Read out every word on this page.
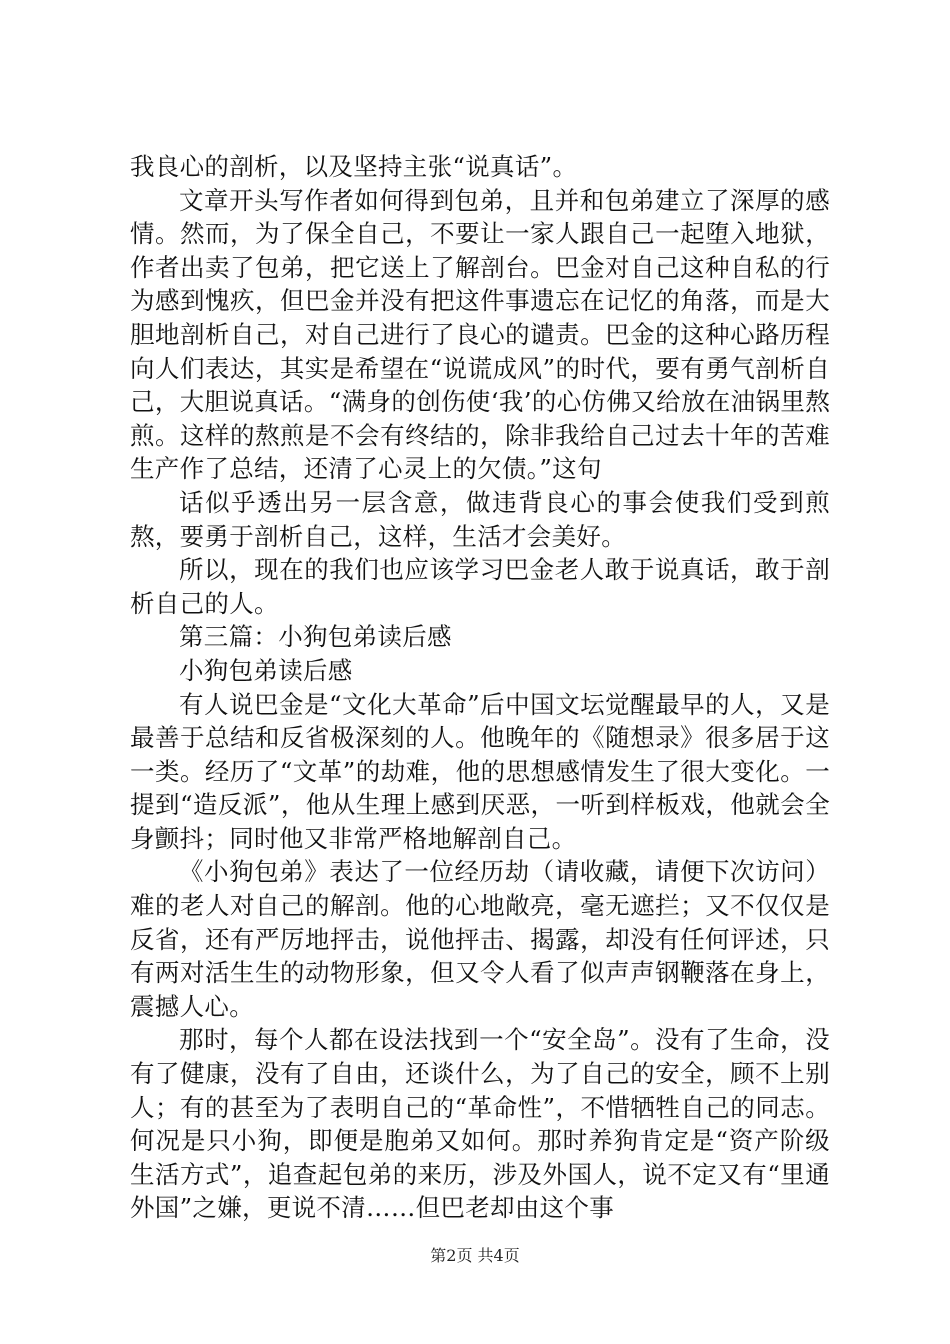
我良心的剖析，以及坚持主张“说真话”。

文章开头写作者如何得到包弟，且并和包弟建立了深厚的感情。然而，为了保全自己，不要让一家人跟自己一起堕入地狱，作者出卖了包弟，把它送上了解剖台。巴金对自己这种自私的行为感到愧疚，但巴金并没有把这件事遗忘在记忆的角落，而是大胆地剖析自己，对自己进行了良心的谴责。巴金的这种心路历程向人们表达，其实是希望在“说谎成风”的时代，要有勇气剖析自己，大胆说真话。“满身的创伤使‘我’的心仿佛又给放在油锅里熬煎。这样的熬煎是不会有终结的，除非我给自己过去十年的苦难生产作了总结，还清了心灵上的欠债。”这句

话似乎透出另一层含意，做违背良心的事会使我们受到煎熬，要勇于剖析自己，这样，生活才会美好。

所以，现在的我们也应该学习巴金老人敢于说真话，敢于剖析自己的人。

第三篇：小狗包弟读后感

小狗包弟读后感

有人说巴金是“文化大革命”后中国文坛觉醒最早的人，又是最善于总结和反省极深刻的人。他晚年的《随想录》很多居于这一类。经历了“文革”的劫难，他的思想感情发生了很大变化。一提到“造反派”，他从生理上感到厌恶，一听到样板戏，他就会全身颤抖；同时他又非常严格地解剖自己。

《小狗包弟》表达了一位经历劫（请收藏，请便下次访问）难的老人对自己的解剖。他的心地敞亮，毫无遮拦；又不仅仅是反省，还有严厉地抨击，说他抨击、揭露，却没有任何评述，只有两对活生生的动物形象，但又令人看了似声声钢鞭落在身上，震撼人心。

那时，每个人都在设法找到一个“安全岛”。没有了生命，没有了健康，没有了自由，还谈什么，为了自己的安全，顾不上别人；有的甚至为了表明自己的“革命性”，不惜牺牲自己的同志。何况是只小狗，即便是胞弟又如何。那时养狗肯定是“资产阶级生活方式”，追查起包弟的来历，涉及外国人，说不定又有“里通外国”之嫌，更说不清……但巴老却由这个事

第2页 共4页
